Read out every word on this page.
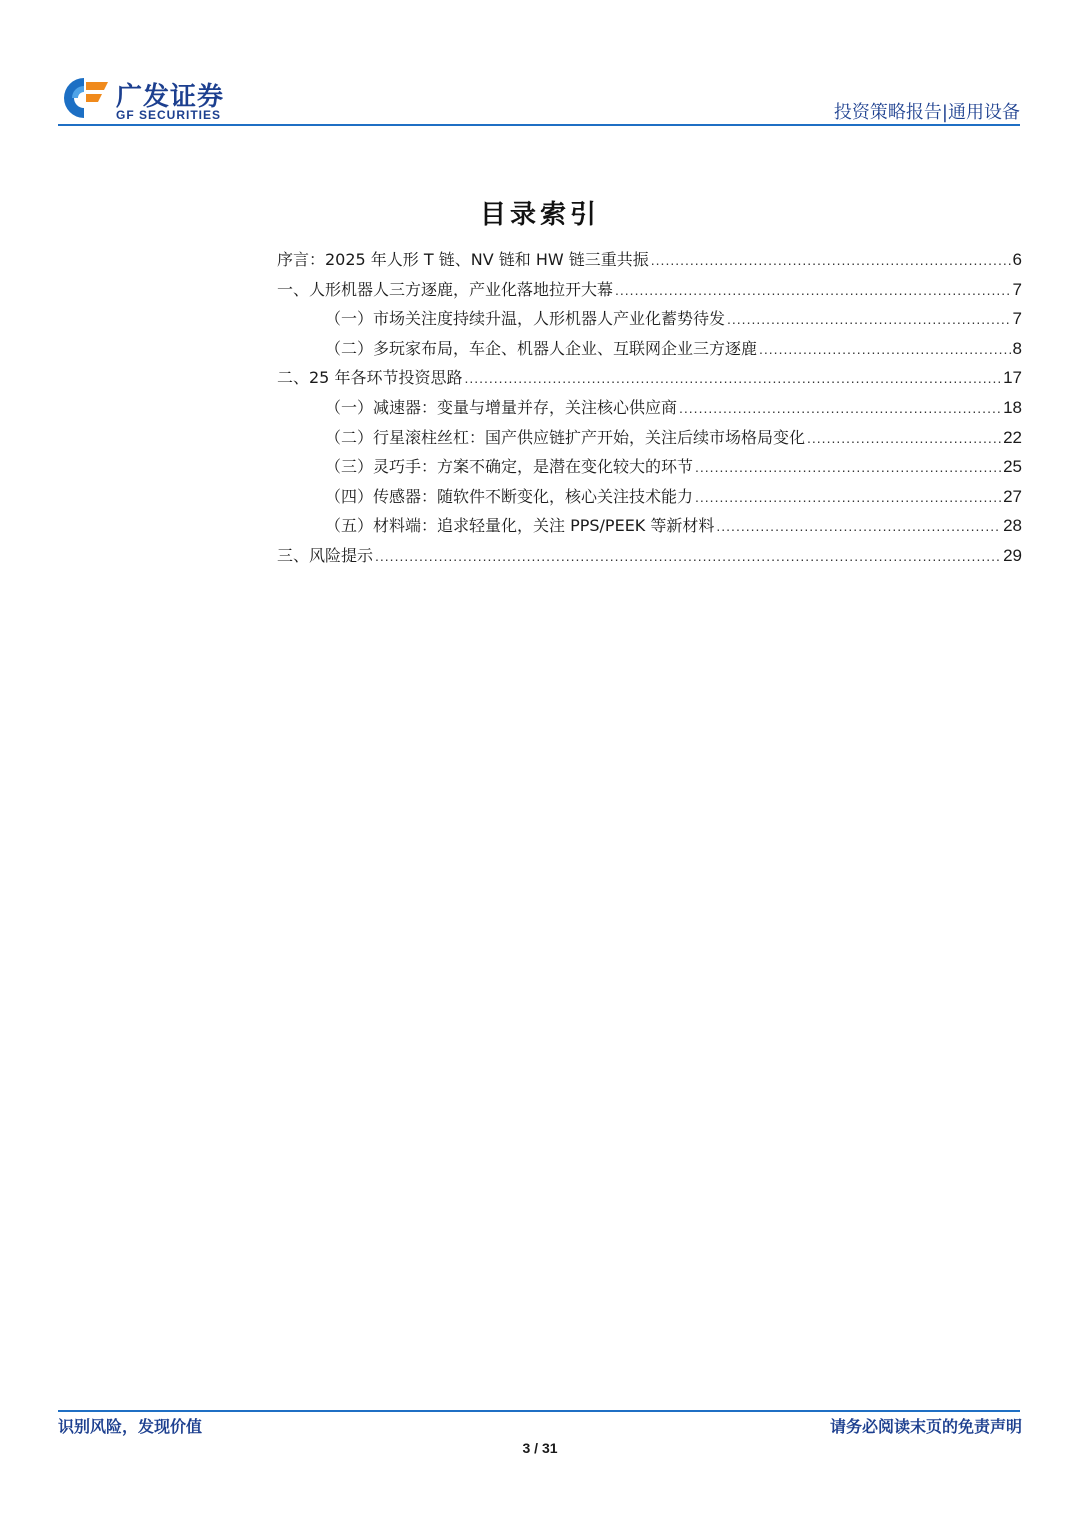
广发证券
GF SECURITIES	投资策略报告|通用设备
目录索引
序言：2025 年人形 T 链、NV 链和 HW 链三重共振 .....	6
一、人形机器人三方逐鹿，产业化落地拉开大幕 .....	7
（一）市场关注度持续升温，人形机器人产业化蓄势待发 .....	7
（二）多玩家布局，车企、机器人企业、互联网企业三方逐鹿 .....	8
二、25 年各环节投资思路 .....	17
（一）减速器：变量与增量并存，关注核心供应商 .....	18
（二）行星滚柱丝杠：国产供应链扩产开始，关注后续市场格局变化 .....	22
（三）灵巧手：方案不确定，是潜在变化较大的环节 .....	25
（四）传感器：随软件不断变化，核心关注技术能力 .....	27
（五）材料端：追求轻量化，关注 PPS/PEEK 等新材料 .....	28
三、风险提示 .....	29
识别风险，发现价值	请务必阅读末页的免责声明
3 / 31
